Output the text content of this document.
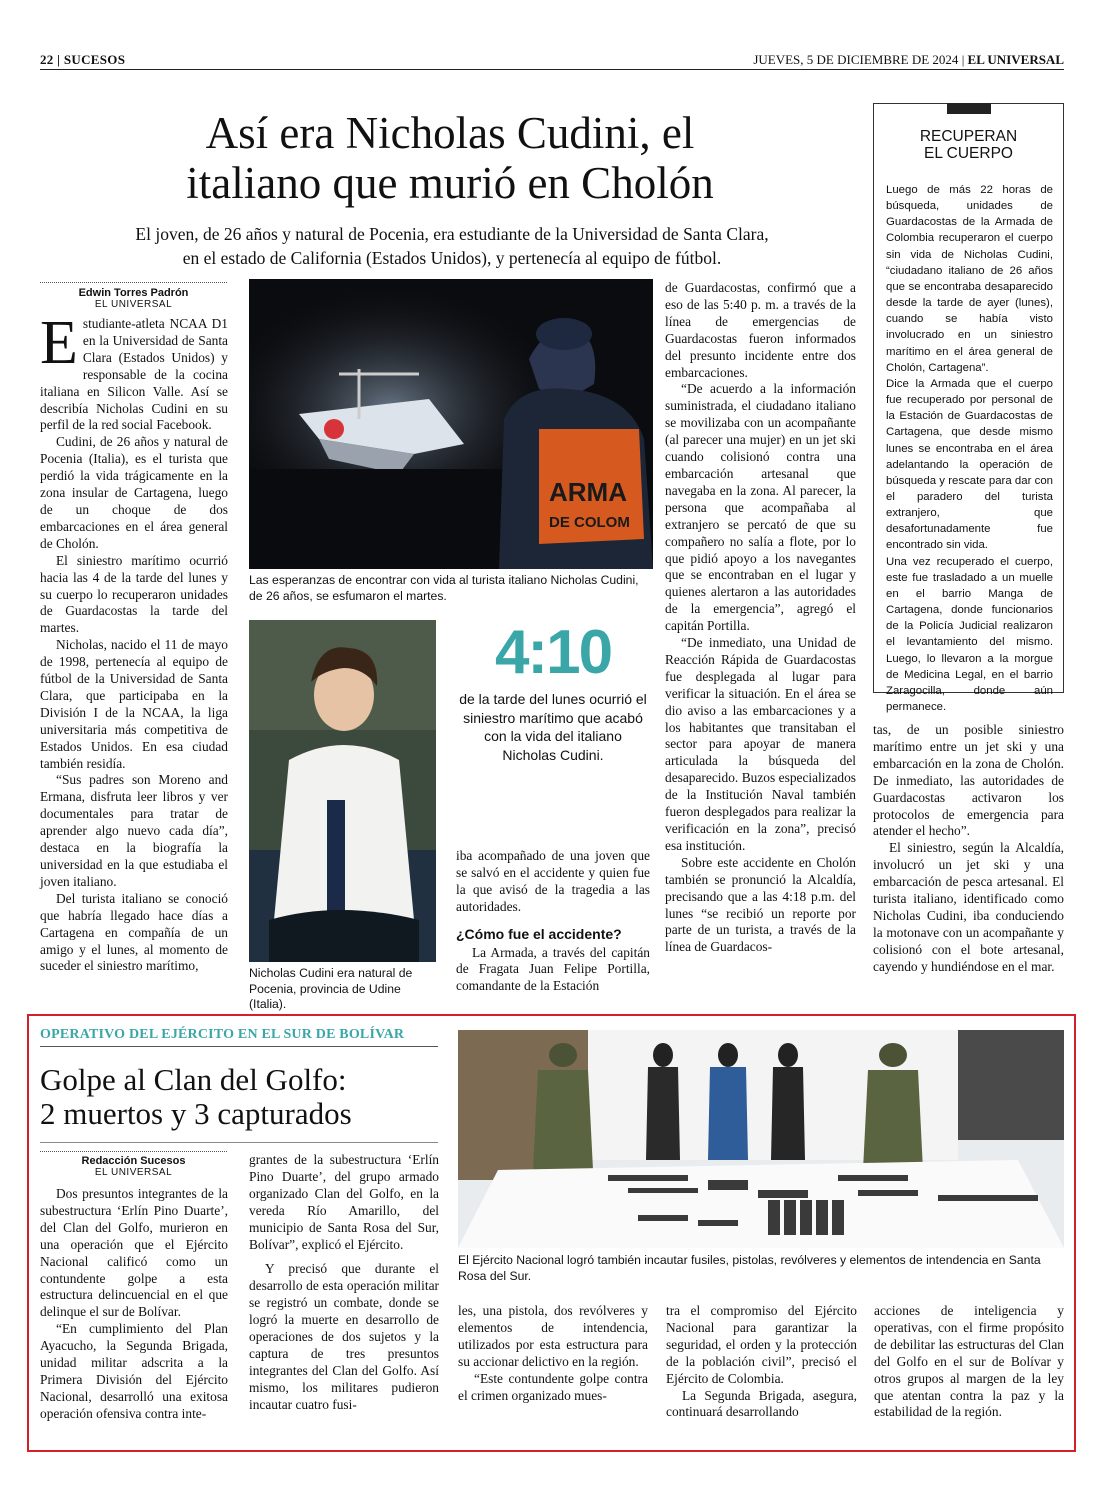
22 | SUCESOS	JUEVES, 5 DE DICIEMBRE DE 2024 | EL UNIVERSAL
Así era Nicholas Cudini, el
italiano que murió en Cholón
El joven, de 26 años y natural de Pocenia, era estudiante de la Universidad de Santa Clara,
en el estado de California (Estados Unidos), y pertenecía al equipo de fútbol.
Edwin Torres Padrón
EL UNIVERSAL

Estudiante-atleta NCAA D1 en la Universidad de Santa Clara (Estados Unidos) y responsable de la cocina italiana en Silicon Valle. Así se describía Nicholas Cudini en su perfil de la red social Facebook.

Cudini, de 26 años y natural de Pocenia (Italia), es el turista que perdió la vida trágicamente en la zona insular de Cartagena, luego de un choque de dos embarcaciones en el área general de Cholón.

El siniestro marítimo ocurrió hacia las 4 de la tarde del lunes y su cuerpo lo recuperaron unidades de Guardacostas la tarde del martes.

Nicholas, nacido el 11 de mayo de 1998, pertenecía al equipo de fútbol de la Universidad de Santa Clara, que participaba en la División I de la NCAA, la liga universitaria más competitiva de Estados Unidos. En esa ciudad también residía.

“Sus padres son Moreno and Ermana, disfruta leer libros y ver documentales para tratar de aprender algo nuevo cada día”, destaca en la biografía la universidad en la que estudiaba el joven italiano.

Del turista italiano se conoció que habría llegado hace días a Cartagena en compañía de un amigo y el lunes, al momento de suceder el siniestro marítimo,

ARMA
DE COLOM
Las esperanzas de encontrar con vida al turista italiano Nicholas Cudini, de 26 años, se esfumaron el martes.
Nicholas Cudini era natural de Pocenia, provincia de Udine (Italia).
4:10
de la tarde del lunes ocurrió el siniestro marítimo que acabó con la vida del italiano Nicholas Cudini.

iba acompañado de una joven que se salvó en el accidente y quien fue la que avisó de la tragedia a las autoridades.

¿Cómo fue el accidente?

La Armada, a través del capitán de Fragata Juan Felipe Portilla, comandante de la Estación

de Guardacostas, confirmó que a eso de las 5:40 p. m. a través de la línea de emergencias de Guardacostas fueron informados del presunto incidente entre dos embarcaciones.

“De acuerdo a la información suministrada, el ciudadano italiano se movilizaba con un acompañante (al parecer una mujer) en un jet ski cuando colisionó contra una embarcación artesanal que navegaba en la zona. Al parecer, la persona que acompañaba al extranjero se percató de que su compañero no salía a flote, por lo que pidió apoyo a los navegantes que se encontraban en el lugar y quienes alertaron a las autoridades de la emergencia”, agregó el capitán Portilla.

“De inmediato, una Unidad de Reacción Rápida de Guardacostas fue desplegada al lugar para verificar la situación. En el área se dio aviso a las embarcaciones y a los habitantes que transitaban el sector para apoyar de manera articulada la búsqueda del desaparecido. Buzos especializados de la Institución Naval también fueron desplegados para realizar la verificación en la zona”, precisó esa institución.

Sobre este accidente en Cholón también se pronunció la Alcaldía, precisando que a las 4:18 p.m. del lunes “se recibió un reporte por parte de un turista, a través de la línea de Guardacos-

RECUPERAN
EL CUERPO

Luego de más 22 horas de búsqueda, unidades de Guardacostas de la Armada de Colombia recuperaron el cuerpo sin vida de Nicholas Cudini, “ciudadano italiano de 26 años que se encontraba desaparecido desde la tarde de ayer (lunes), cuando se había visto involucrado en un siniestro marítimo en el área general de Cholón, Cartagena”.

Dice la Armada que el cuerpo fue recuperado por personal de la Estación de Guardacostas de Cartagena, que desde mismo lunes se encontraba en el área adelantando la operación de búsqueda y rescate para dar con el paradero del turista extranjero, que desafortunadamente fue encontrado sin vida.

Una vez recuperado el cuerpo, este fue trasladado a un muelle en el barrio Manga de Cartagena, donde funcionarios de la Policía Judicial realizaron el levantamiento del mismo. Luego, lo llevaron a la morgue de Medicina Legal, en el barrio Zaragocilla, donde aún permanece.

tas, de un posible siniestro marítimo entre un jet ski y una embarcación en la zona de Cholón. De inmediato, las autoridades de Guardacostas activaron los protocolos de emergencia para atender el hecho”.

El siniestro, según la Alcaldía, involucró un jet ski y una embarcación de pesca artesanal. El turista italiano, identificado como Nicholas Cudini, iba conduciendo la motonave con un acompañante y colisionó con el bote artesanal, cayendo y hundiéndose en el mar.

OPERATIVO DEL EJÉRCITO EN EL SUR DE BOLÍVAR
Golpe al Clan del Golfo:
2 muertos y 3 capturados
Redacción Sucesos
EL UNIVERSAL

Dos presuntos integrantes de la subestructura ‘Erlín Pino Duarte’, del Clan del Golfo, murieron en una operación que el Ejército Nacional calificó como un contundente golpe a esta estructura delincuencial en el que delinque el sur de Bolívar.

“En cumplimiento del Plan Ayacucho, la Segunda Brigada, unidad militar adscrita a la Primera División del Ejército Nacional, desarrolló una exitosa operación ofensiva contra inte-

grantes de la subestructura ‘Erlín Pino Duarte’, del grupo armado organizado Clan del Golfo, en la vereda Río Amarillo, del municipio de Santa Rosa del Sur, Bolívar”, explicó el Ejército.

Y precisó que durante el desarrollo de esta operación militar se registró un combate, donde se logró la muerte en desarrollo de operaciones de dos sujetos y la captura de tres presuntos integrantes del Clan del Golfo. Así mismo, los militares pudieron incautar cuatro fusi-

El Ejército Nacional logró también incautar fusiles, pistolas, revólveres y elementos de intendencia en Santa Rosa del Sur.

les, una pistola, dos revólveres y elementos de intendencia, utilizados por esta estructura para su accionar delictivo en la región.

“Este contundente golpe contra el crimen organizado mues-

tra el compromiso del Ejército Nacional para garantizar la seguridad, el orden y la protección de la población civil”, precisó el Ejército de Colombia.

La Segunda Brigada, asegura, continuará desarrollando

acciones de inteligencia y operativas, con el firme propósito de debilitar las estructuras del Clan del Golfo en el sur de Bolívar y otros grupos al margen de la ley que atentan contra la paz y la estabilidad de la región.
